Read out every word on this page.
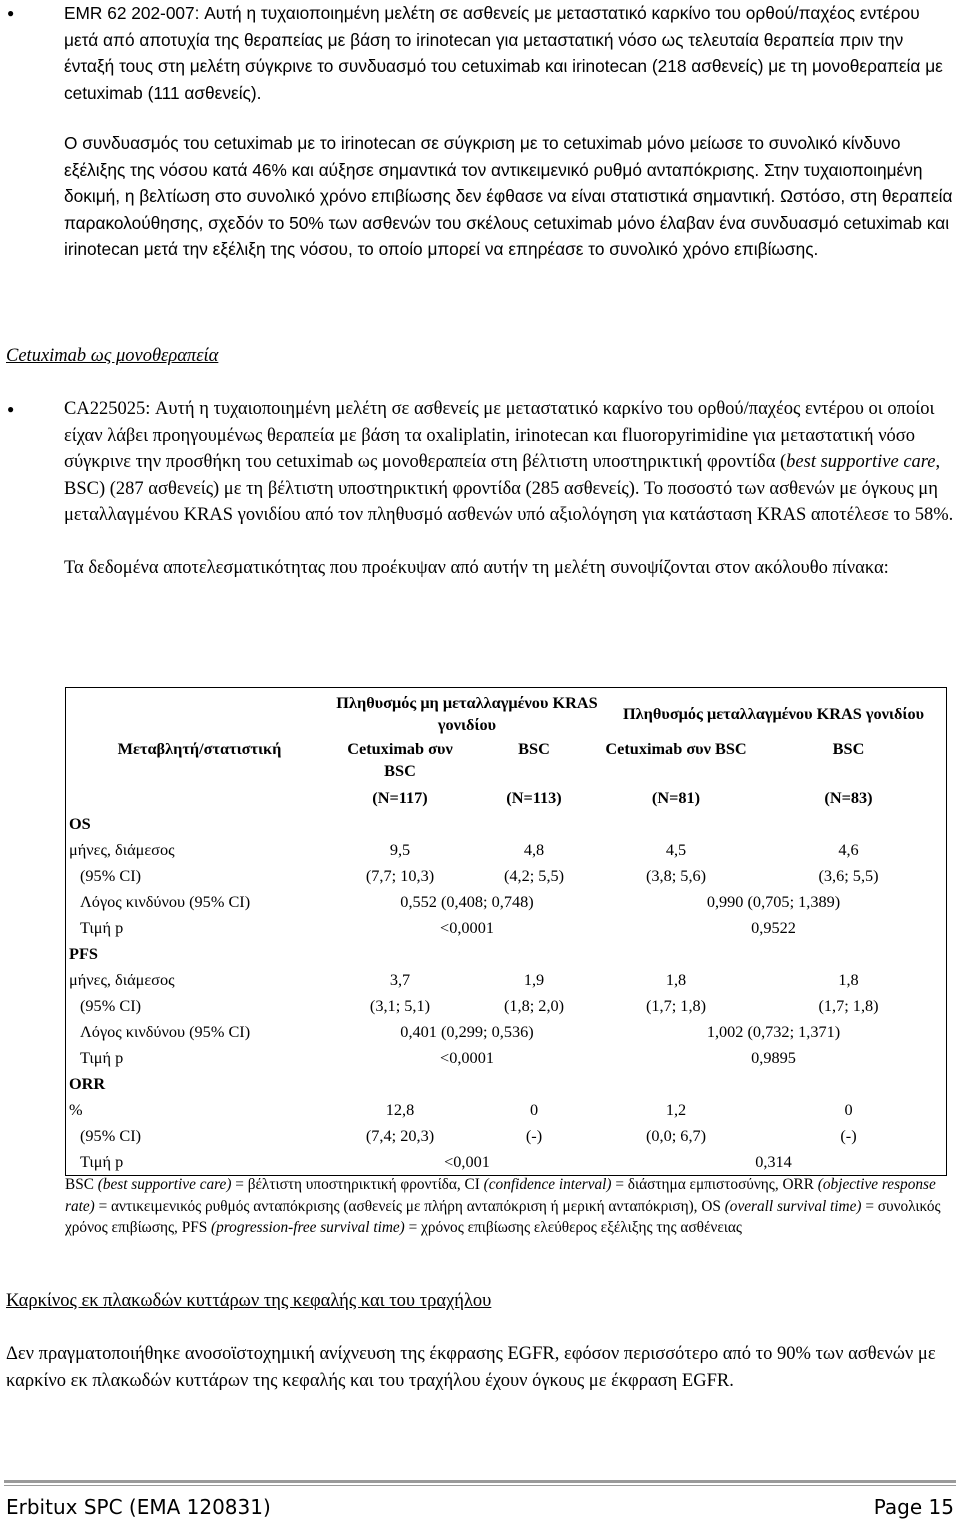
●	EMR 62 202-007: Αυτή η τυχαιοποιημένη μελέτη σε ασθενείς με μεταστατικό καρκίνο του ορθού/παχέος εντέρου μετά από αποτυχία της θεραπείας με βάση το irinotecan για μεταστατική νόσο ως τελευταία θεραπεία πριν την ένταξή τους στη μελέτη σύγκρινε το συνδυασμό του cetuximab και irinotecan (218 ασθενείς) με τη μονοθεραπεία με cetuximab (111 ασθενείς).

Ο συνδυασμός του cetuximab με το irinotecan σε σύγκριση με το cetuximab μόνο μείωσε το συνολικό κίνδυνο εξέλιξης της νόσου κατά 46% και αύξησε σημαντικά τον αντικειμενικό ρυθμό ανταπόκρισης. Στην τυχαιοποιημένη δοκιμή, η βελτίωση στο συνολικό χρόνο επιβίωσης δεν έφθασε να είναι στατιστικά σημαντική. Ωστόσο, στη θεραπεία παρακολούθησης, σχεδόν το 50% των ασθενών του σκέλους cetuximab μόνο έλαβαν ένα συνδυασμό cetuximab και irinotecan μετά την εξέλιξη της νόσου, το οποίο μπορεί να επηρέασε το συνολικό χρόνο επιβίωσης.

Cetuximab ως μονοθεραπεία
●	CA225025: Αυτή η τυχαιοποιημένη μελέτη σε ασθενείς με μεταστατικό καρκίνο του ορθού/παχέος εντέρου οι οποίοι είχαν λάβει προηγουμένως θεραπεία με βάση τα oxaliplatin, irinotecan και fluoropyrimidine για μεταστατική νόσο σύγκρινε την προσθήκη του cetuximab ως μονοθεραπεία στη βέλτιστη υποστηρικτική φροντίδα (best supportive care, BSC) (287 ασθενείς) με τη βέλτιστη υποστηρικτική φροντίδα (285 ασθενείς). Το ποσοστό των ασθενών με όγκους μη μεταλλαγμένου KRAS γονιδίου από τον πληθυσμό ασθενών υπό αξιολόγηση για κατάσταση KRAS αποτέλεσε το 58%.

Τα δεδομένα αποτελεσματικότητας που προέκυψαν από αυτήν τη μελέτη συνοψίζονται στον ακόλουθο πίνακα:

	Πληθυσμός μη μεταλλαγμένου KRAS γονιδίου		Πληθυσμός μεταλλαγμένου KRAS γονιδίου	
Μεταβλητή/στατιστική	Cetuximab συν BSC	BSC	Cetuximab συν BSC	BSC
	(N=117)	(N=113)	(N=81)	(N=83)
OS				
μήνες, διάμεσος	9,5	4,8	4,5	4,6
(95% CI)	(7,7; 10,3)	(4,2; 5,5)	(3,8; 5,6)	(3,6; 5,5)
Λόγος κινδύνου (95% CI)	0,552 (0,408; 0,748)		0,990 (0,705; 1,389)	
Τιμή p	<0,0001		0,9522	
PFS				
μήνες, διάμεσος	3,7	1,9	1,8	1,8
(95% CI)	(3,1; 5,1)	(1,8; 2,0)	(1,7; 1,8)	(1,7; 1,8)
Λόγος κινδύνου (95% CI)	0,401 (0,299; 0,536)		1,002 (0,732; 1,371)	
Τιμή p	<0,0001		0,9895	
ORR				
%	12,8	0	1,2	0
(95% CI)	(7,4; 20,3)	(-)	(0,0; 6,7)	(-)
Τιμή p	<0,001		0,314	
BSC (best supportive care) = βέλτιστη υποστηρικτική φροντίδα, CI (confidence interval) = διάστημα εμπιστοσύνης, ORR (objective response rate) = αντικειμενικός ρυθμός ανταπόκρισης (ασθενείς με πλήρη ανταπόκριση ή μερική ανταπόκριση), OS (overall survival time) = συνολικός χρόνος επιβίωσης, PFS (progression-free survival time) = χρόνος επιβίωσης ελεύθερος εξέλιξης της ασθένειας
Καρκίνος εκ πλακωδών κυττάρων της κεφαλής και του τραχήλου

Δεν πραγματοποιήθηκε ανοσοϊστοχημική ανίχνευση της έκφρασης EGFR, εφόσον περισσότερο από το 90% των ασθενών με καρκίνο εκ πλακωδών κυττάρων της κεφαλής και του τραχήλου έχουν όγκους με έκφραση EGFR.

Erbitux SPC (EMA 120831)	Page 15
